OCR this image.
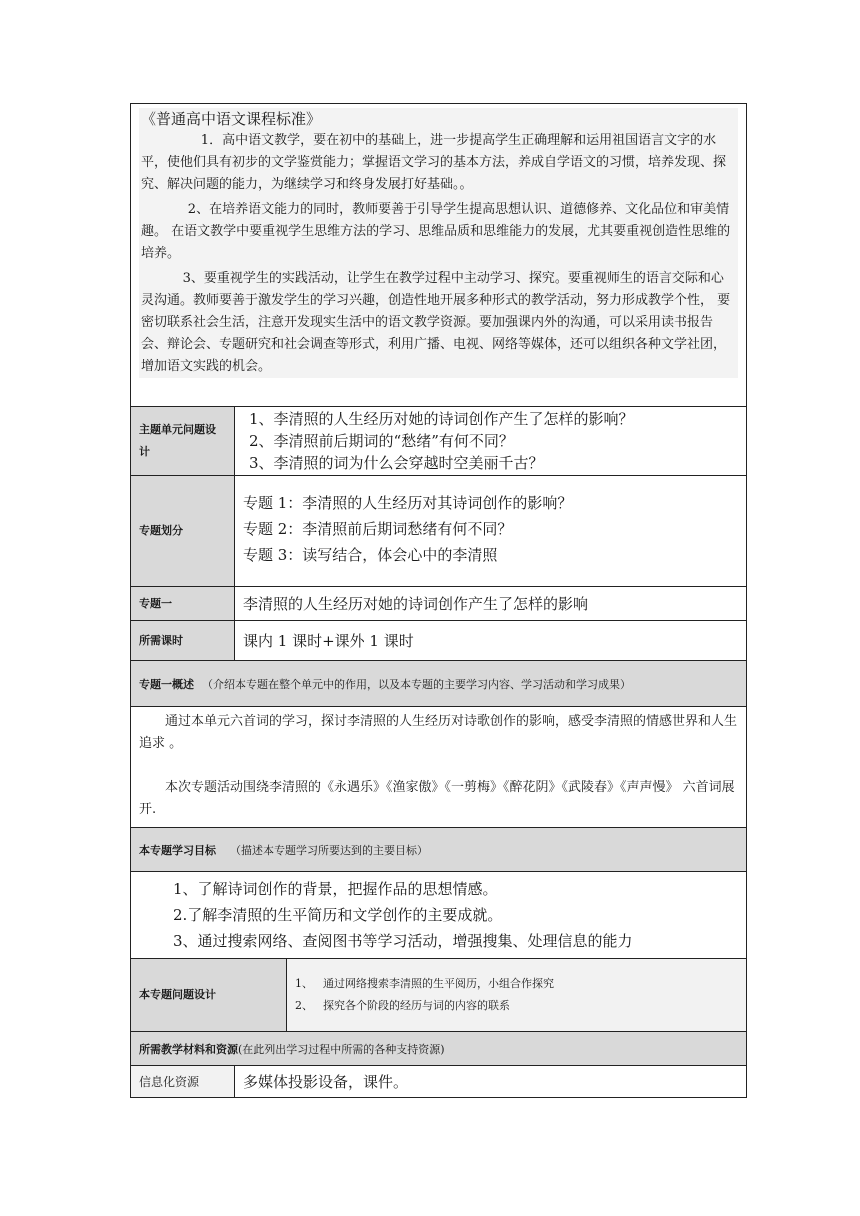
《普通高中语文课程标准》

1．高中语文教学，要在初中的基础上，进一步提高学生正确理解和运用祖国语言文字的水平，使他们具有初步的文学鉴赏能力；掌握语文学习的基本方法，养成自学语文的习惯，培养发现、探究、解决问题的能力，为继续学习和终身发展打好基础。。

2、在培养语文能力的同时，教师要善于引导学生提高思想认识、道德修养、文化品位和审美情趣。 在语文教学中要重视学生思维方法的学习、思维品质和思维能力的发展，尤其要重视创造性思维的培养。

3、要重视学生的实践活动，让学生在教学过程中主动学习、探究。要重视师生的语言交际和心灵沟通。教师要善于激发学生的学习兴趣，创造性地开展多种形式的教学活动，努力形成教学个性， 要密切联系社会生活，注意开发现实生活中的语文教学资源。要加强课内外的沟通，可以采用读书报告会、辩论会、专题研究和社会调查等形式，利用广播、电视、网络等媒体，还可以组织各种文学社团，增加语文实践的机会。		

主题单元问题设计	1、李清照的人生经历对她的诗词创作产生了怎样的影响？
2、李清照前后期词的“愁绪”有何不同？
3、李清照的词为什么会穿越时空美丽千古？	

专题划分	专题 1：李清照的人生经历对其诗词创作的影响？
专题 2：李清照前后期词愁绪有何不同？
专题 3：读写结合，体会心中的李清照	

专题一	李清照的人生经历对她的诗词创作产生了怎样的影响	
所需课时	课内 1 课时+课外 1 课时	
专题一概述 （介绍本专题在整个单元中的作用，以及本专题的主要学习内容、学习活动和学习成果）		

通过本单元六首词的学习，探讨李清照的人生经历对诗歌创作的影响，感受李清照的情感世界和人生追求 。

本次专题活动围绕李清照的《永遇乐》《渔家傲》《一剪梅》《醉花阴》《武陵春》《声声慢》 六首词展开.		

本专题学习目标 （描述本专题学习所要达到的主要目标）		

1、了解诗词创作的背景，把握作品的思想情感。
2.了解李清照的生平简历和文学创作的主要成就。
3、通过搜索网络、查阅图书等学习活动，增强搜集、处理信息的能力		

本专题问题设计		1、 通过网络搜索李清照的生平阅历，小组合作探究
2、 探究各个阶段的经历与词的内容的联系

所需教学材料和资源(在此列出学习过程中所需的各种支持资源)		
信息化资源	多媒体投影设备，课件。	
